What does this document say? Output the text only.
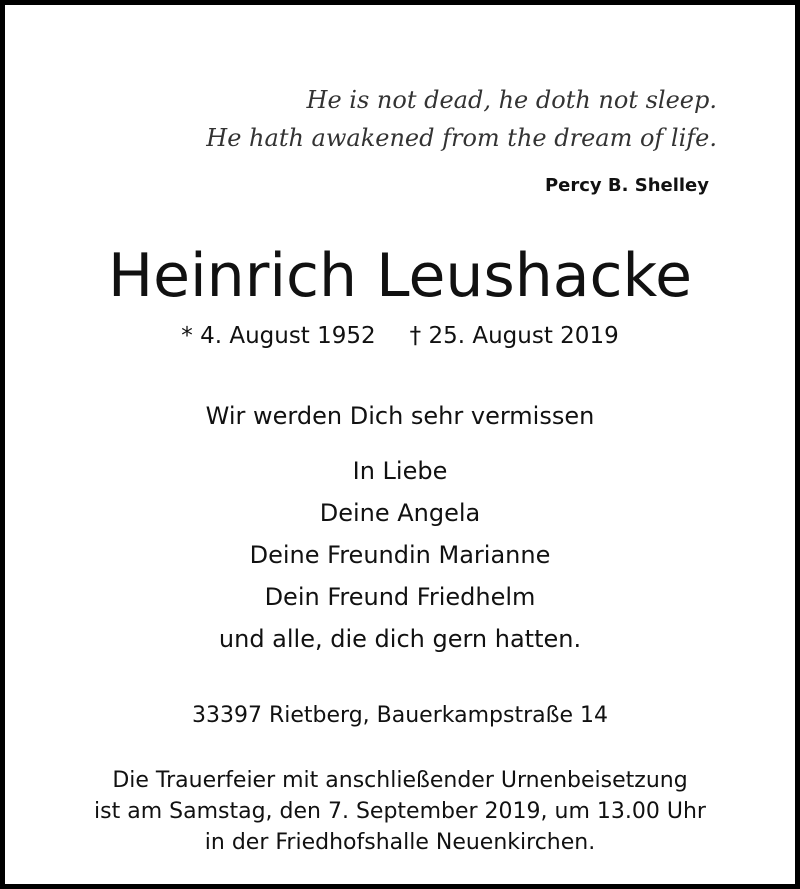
He is not dead, he doth not sleep.
He hath awakened from the dream of life.
Percy B. Shelley
Heinrich Leushacke
* 4. August 1952 † 25. August 2019
Wir werden Dich sehr vermissen
In Liebe
Deine Angela
Deine Freundin Marianne
Dein Freund Friedhelm
und alle, die dich gern hatten.
33397 Rietberg, Bauerkampstraße 14
Die Trauerfeier mit anschließender Urnenbeisetzung
ist am Samstag, den 7. September 2019, um 13.00 Uhr
in der Friedhofshalle Neuenkirchen.
